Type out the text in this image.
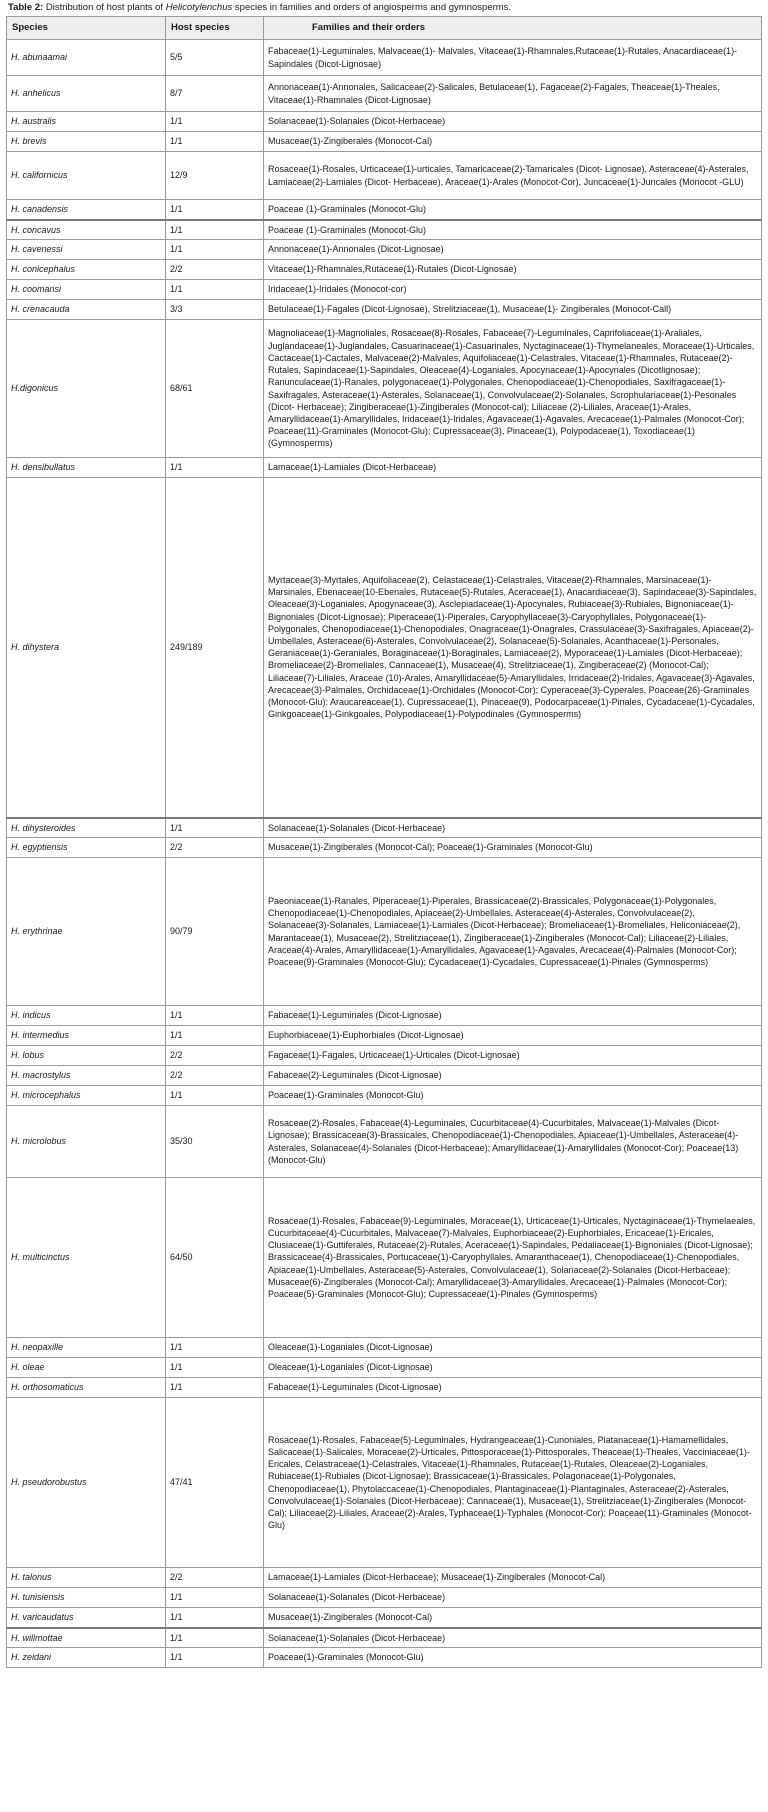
Table 2: Distribution of host plants of Helicotylenchus species in families and orders of angiosperms and gymnosperms.
Species	Host species	Families and their orders
H. abunaamai	5/5	Fabaceae(1)-Leguminales, Malvaceae(1)- Malvales, Vitaceae(1)-Rhamnales,Rutaceae(1)-Rutales, Anacardiaceae(1)-Sapindales (Dicot-Lignosae)
H. anhelicus	8/7	Annonaceae(1)-Annonales, Salicaceae(2)-Salicales, Betulaceae(1), Fagaceae(2)-Fagales, Theaceae(1)-Theales, Vitaceae(1)-Rhamnales (Dicot-Lignosae)
H. australis	1/1	Solanaceae(1)-Solanales (Dicot-Herbaceae)
H. brevis	1/1	Musaceae(1)-Zingiberales (Monocot-Cal)
H. californicus	12/9	Rosaceae(1)-Rosales, Urticaceae(1)-urticales, Tamaricaceae(2)-Tamaricales (Dicot- Lignosae), Asteraceae(4)-Asterales, Lamiaceae(2)-Lamiales (Dicot- Herbaceae), Araceae(1)-Arales (Monocot-Cor), Juncaceae(1)-Juncales (Monocot -GLU)
H. canadensis	1/1	Poaceae (1)-Graminales (Monocot-Glu)
H. concavus	1/1	Poaceae (1)-Graminales (Monocot-Glu)
H. cavenessi	1/1	Annonaceae(1)-Annonales (Dicot-Lignosae)
H. conicephalus	2/2	Vitaceae(1)-Rhamnales,Rutaceae(1)-Rutales (Dicot-Lignosae)
H. coomansi	1/1	Iridaceae(1)-Iridales (Monocot-cor)
H. crenacauda	3/3	Betulaceae(1)-Fagales (Dicot-Lignosae), Strelitziaceae(1), Musaceae(1)- Zingiberales (Monocot-Call)
H.digonicus	68/61	Magnoliaceae(1)-Magnoliales, Rosaceae(8)-Rosales, Fabaceae(7)-Leguminales, Caprifoliaceae(1)-Araliales, Juglandaceae(1)-Juglandales, Casuarinaceae(1)-Casuarinales, Nyctaginaceae(1)-Thymelaneales, Moraceae(1)-Urticales, Cactaceae(1)-Cactales, Malvaceae(2)-Malvales, Aquifoliaceae(1)-Celastrales, Vitaceae(1)-Rhamnales, Rutaceae(2)-Rutales, Sapindaceae(1)-Sapindales, Oleaceae(4)-Loganiales, Apocynaceae(1)-Apocynales (Dicotlignosae); Ranunculaceae(1)-Ranales, polygonaceae(1)-Polygonales, Chenopodiaceae(1)-Chenopodiales, Saxifragaceae(1)-Saxifragales, Asteraceae(1)-Asterales, Solanaceae(1), Convolvulaceae(2)-Solanales, Scrophulariaceae(1)-Pesonales (Dicot- Herbaceae); Zingiberaceae(1)-Zingiberales (Monocot-cal); Liliaceae (2)-Liliales, Araceae(1)-Arales, Amaryllidaceae(1)-Amaryllidales, Iridaceae(1)-Iridales, Agavaceae(1)-Agavales, Arecaceae(1)-Palmales (Monocot-Cor); Poaceae(11)-Graminales (Monocot-Glu); Cupressaceae(3), Pinaceae(1), Polypodaceae(1), Toxodiaceae(1) (Gymnosperms)
H. densibullatus	1/1	Lamaceae(1)-Lamiales (Dicot-Herbaceae)
H. dihystera	249/189	Myrtaceae(3)-Myrtales, Aquifoliaceae(2), Celastaceae(1)-Celastrales, Vitaceae(2)-Rhamnales, Marsinaceae(1)-Marsinales, Ebenaceae(10-Ebenales, Rutaceae(5)-Rutales, Aceraceae(1), Anacardiaceae(3), Sapindaceae(3)-Sapindales, Oleaceae(3)-Loganiales, Apogynaceae(3), Asclepiadaceae(1)-Apocynales, Rubiaceae(3)-Rubiales, Bignoniaceae(1)-Bignoniales (Dicot-Lignosae); Piperaceae(1)-Piperales, Caryophyllaceae(3)-Caryophyllales, Polygonaceae(1)-Polygonales, Chenopodiaceae(1)-Chenopodiales, Onagraceae(1)-Onagrales, Crassulaceae(3)-Saxifragales, Apiaceae(2)-Umbellales, Asteraceae(6)-Asterales, Convolvulaceae(2), Solanaceae(5)-Solanales, Acanthaceae(1)-Personales, Geraniaceae(1)-Geraniales, Boraginaceae(1)-Boraginales, Lamiaceae(2), Myporaceae(1)-Lamiales (Dicot-Herbaceae); Bromeliaceae(2)-Bromeliales, Cannaceae(1), Musaceae(4), Strelitziaceae(1), Zingiberaceae(2) (Monocot-Cal); Liliaceae(7)-Liliales, Araceae (10)-Arales, Amaryllidaceae(5)-Amaryllidales, Irridaceae(2)-Iridales, Agavaceae(3)-Agavales, Arecaceae(3)-Palmales, Orchidaceae(1)-Orchidales (Monocot-Cor); Cyperaceae(3)-Cyperales, Poaceae(26)-Graminales (Monocot-Glu); Araucareaceae(1), Cupressaceae(1), Pinaceae(9), Podocarpaceae(1)-Pinales, Cycadaceae(1)-Cycadales, Ginkgoaceae(1)-Ginkgoales, Polypodiaceae(1)-Polypodinales (Gymnosperms)
H. dihysteroides	1/1	Solanaceae(1)-Solanales (Dicot-Herbaceae)
H. egyptiensis	2/2	Musaceae(1)-Zingiberales (Monocot-Cal); Poaceae(1)-Graminales (Monocot-Glu)
H. erythrinae	90/79	Paeoniaceae(1)-Ranales, Piperaceae(1)-Piperales, Brassicaceae(2)-Brassicales, Polygonaceae(1)-Polygonales, Chenopodiaceae(1)-Chenopodiales, Apiaceae(2)-Umbellales, Asteraceae(4)-Asterales, Convolvulaceae(2), Solanaceae(3)-Solanales, Lamiaceae(1)-Lamiales (Dicot-Herbaceae); Bromeliaceae(1)-Bromeliales, Heliconiaceae(2), Marantaceae(1), Musaceae(2), Strelitziaceae(1), Zingiberaceae(1)-Zingiberales (Monocot-Cal); Liliaceae(2)-Liliales, Araceae(4)-Arales, Amaryllidaceae(1)-Amaryllidales, Agavaceae(1)-Agavales, Arecaceae(4)-Palmales (Monocot-Cor); Poaceae(9)-Graminales (Monocot-Glu); Cycadaceae(1)-Cycadales, Cupressaceae(1)-Pinales (Gymnosperms)
H. indicus	1/1	Fabaceae(1)-Leguminales (Dicot-Lignosae)
H. intermedius	1/1	Euphorbiaceae(1)-Euphorbiales (Dicot-Lignosae)
H. lobus	2/2	Fagaceae(1)-Fagales, Urticaceae(1)-Urticales (Dicot-Lignosae)
H. macrostylus	2/2	Fabaceae(2)-Leguminales (Dicot-Lignosae)
H. microcephalus	1/1	Poaceae(1)-Graminales (Monocot-Glu)
H. microlobus	35/30	Rosaceae(2)-Rosales, Fabaceae(4)-Leguminales, Cucurbitaceae(4)-Cucurbitales, Malvaceae(1)-Malvales (Dicot-Lignosae); Brassicaceae(3)-Brassicales, Chenopodiaceae(1)-Chenopodiales, Apiaceae(1)-Umbellales, Asteraceae(4)-Asterales, Solanaceae(4)-Solanales (Dicot-Herbaceae); Amaryllidaceae(1)-Amaryllidales (Monocot-Cor); Poaceae(13) (Monocot-Glu)
H. multicinctus	64/50	Rosaceae(1)-Rosales, Fabaceae(9)-Leguminales, Moraceae(1), Urticaceae(1)-Urticales, Nyctaginaceae(1)-Thymelaeales, Cucurbitaceae(4)-Cucurbitales, Malvaceae(7)-Malvales, Euphorbiaceae(2)-Euphorbiales, Ericaceae(1)-Ericales, Clusiaceae(1)-Guttiferales, Rutaceae(2)-Rutales, Aceraceae(1)-Sapindales, Pedaliaceae(1)-Bignoniales (Dicot-Lignosae); Brassicaceae(4)-Brassicales, Portucaceae(1)-Caryophyllales, Amaranthaceae(1), Chenopodiaceae(1)-Chenopodiales, Apiaceae(1)-Umbellales, Asteraceae(5)-Asterales, Convolvulaceae(1), Solanaceae(2)-Solanales (Dicot-Herbaceae); Musaceae(6)-Zingiberales (Monocot-Cal); Amaryllidaceae(3)-Amaryllidales, Arecaceae(1)-Palmales (Monocot-Cor); Poaceae(5)-Graminales (Monocot-Glu); Cupressaceae(1)-Pinales (Gymnosperms)
H. neopaxille	1/1	Oleaceae(1)-Loganiales (Dicot-Lignosae)
H. oleae	1/1	Oleaceae(1)-Loganiales (Dicot-Lignosae)
H. orthosomaticus	1/1	Fabaceae(1)-Leguminales (Dicot-Lignosae)
H. pseudorobustus	47/41	Rosaceae(1)-Rosales, Fabaceae(5)-Leguminales, Hydrangeaceae(1)-Cunoniales, Platanaceae(1)-Hamamellidales, Salicaceae(1)-Salicales, Moraceae(2)-Urticales, Pittosporaceae(1)-Pittosporales, Theaceae(1)-Theales, Vacciniaceae(1)-Ericales, Celastraceae(1)-Celastrales, Vitaceae(1)-Rhamnales, Rutaceae(1)-Rutales, Oleaceae(2)-Loganiales, Rubiaceae(1)-Rubiales (Dicot-Lignosae); Brassicaceae(1)-Brassicales, Polagonaceae(1)-Polygonales, Chenopodiaceae(1), Phytolaccaceae(1)-Chenopodiales, Plantaginaceae(1)-Plantaginales, Asteraceae(2)-Asterales, Convolvulaceae(1)-Solanales (Dicot-Herbaceae); Cannaceae(1), Musaceae(1), Strelitziaceae(1)-Zingiberales (Monocot-Cal); Liliaceae(2)-Liliales, Araceae(2)-Arales, Typhaceae(1)-Typhales (Monocot-Cor); Poaceae(11)-Graminales (Monocot-Glu)
H. talonus	2/2	Lamaceae(1)-Lamiales (Dicot-Herbaceae); Musaceae(1)-Zingiberales (Monocot-Cal)
H. tunisiensis	1/1	Solanaceae(1)-Solanales (Dicot-Herbaceae)
H. varicaudatus	1/1	Musaceae(1)-Zingiberales (Monocot-Cal)
H. willmottae	1/1	Solanaceae(1)-Solanales (Dicot-Herbaceae)
H. zeidani	1/1	Poaceae(1)-Graminales (Monocot-Glu)
